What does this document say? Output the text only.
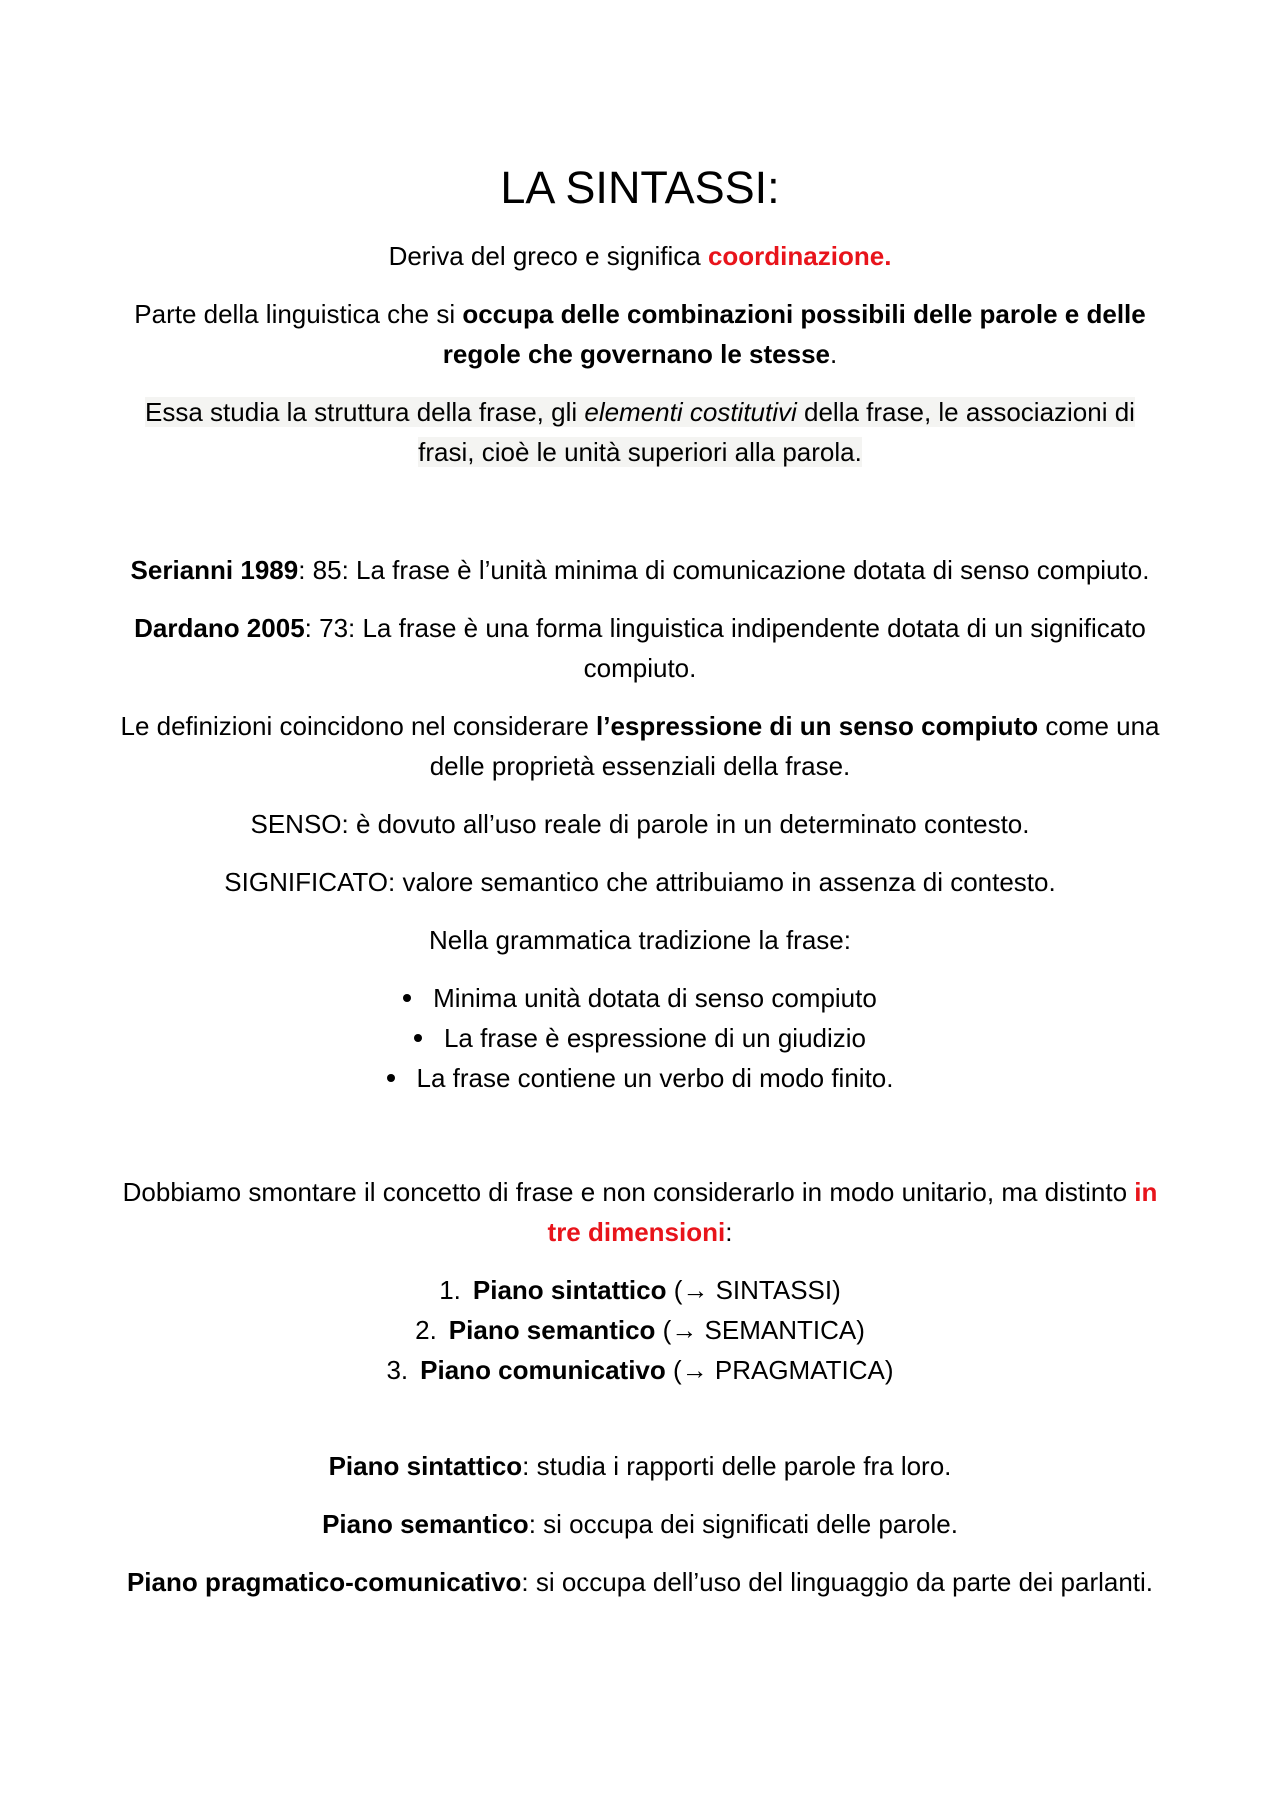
LA SINTASSI:

Deriva del greco e significa coordinazione.

Parte della linguistica che si occupa delle combinazioni possibili delle parole e delle regole che governano le stesse.

Essa studia la struttura della frase, gli elementi costitutivi della frase, le associazioni di frasi, cioè le unità superiori alla parola.

Serianni 1989: 85: La frase è l’unità minima di comunicazione dotata di senso compiuto.

Dardano 2005: 73: La frase è una forma linguistica indipendente dotata di un significato compiuto.

Le definizioni coincidono nel considerare l’espressione di un senso compiuto come una delle proprietà essenziali della frase.

SENSO: è dovuto all’uso reale di parole in un determinato contesto.

SIGNIFICATO: valore semantico che attribuiamo in assenza di contesto.

Nella grammatica tradizione la frase:

Minima unità dotata di senso compiuto
La frase è espressione di un giudizio
La frase contiene un verbo di modo finito.

Dobbiamo smontare il concetto di frase e non considerarlo in modo unitario, ma distinto in tre dimensioni:

1. Piano sintattico (→ SINTASSI)
2. Piano semantico (→ SEMANTICA)
3. Piano comunicativo (→ PRAGMATICA)

Piano sintattico: studia i rapporti delle parole fra loro.

Piano semantico: si occupa dei significati delle parole.

Piano pragmatico-comunicativo: si occupa dell’uso del linguaggio da parte dei parlanti.
